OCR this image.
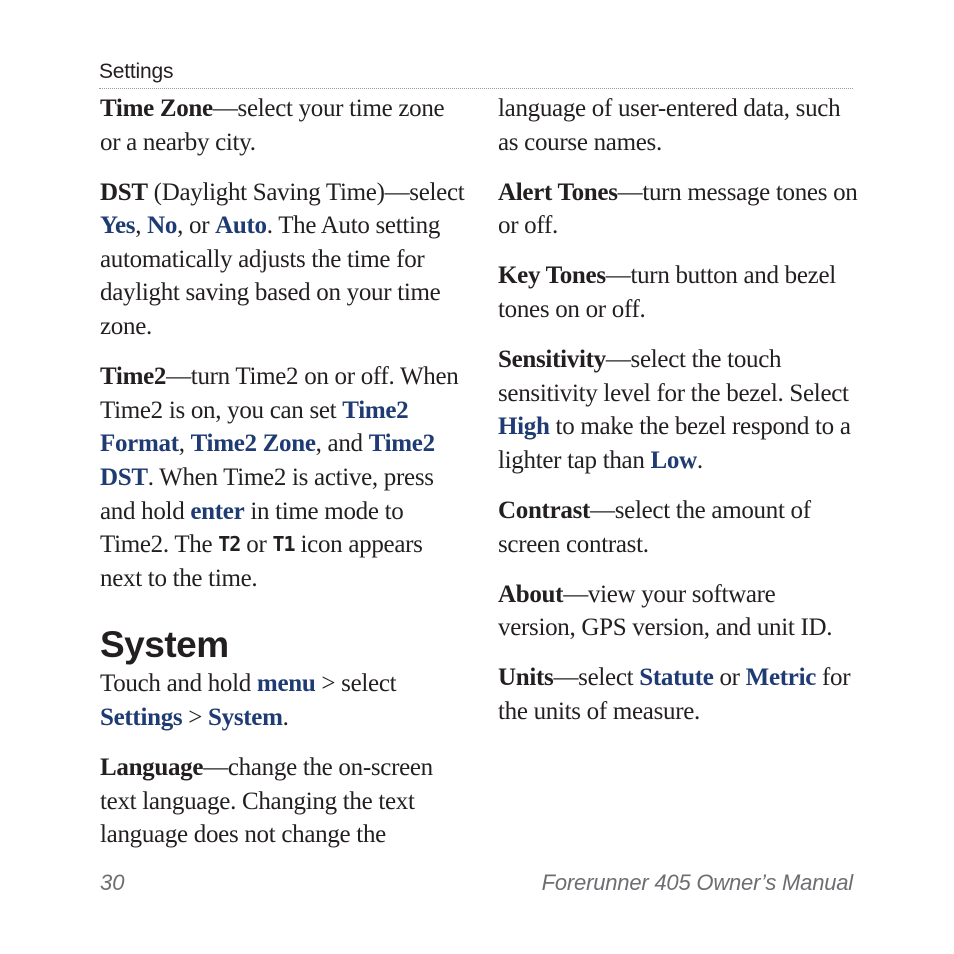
Settings

Time Zone—select your time zone or a nearby city.

DST (Daylight Saving Time)—select Yes, No, or Auto. The Auto setting automatically adjusts the time for daylight saving based on your time zone.

Time2—turn Time2 on or off. When Time2 is on, you can set Time2 Format, Time2 Zone, and Time2 DST. When Time2 is active, press and hold enter in time mode to Time2. The T2 or T1 icon appears next to the time.

System

Touch and hold menu > select Settings > System.

Language—change the on-screen text language. Changing the text language does not change the

language of user-entered data, such as course names.

Alert Tones—turn message tones on or off.

Key Tones—turn button and bezel tones on or off.

Sensitivity—select the touch sensitivity level for the bezel. Select High to make the bezel respond to a lighter tap than Low.

Contrast—select the amount of screen contrast.

About—view your software version, GPS version, and unit ID.

Units—select Statute or Metric for the units of measure.

30	Forerunner 405 Owner’s Manual
